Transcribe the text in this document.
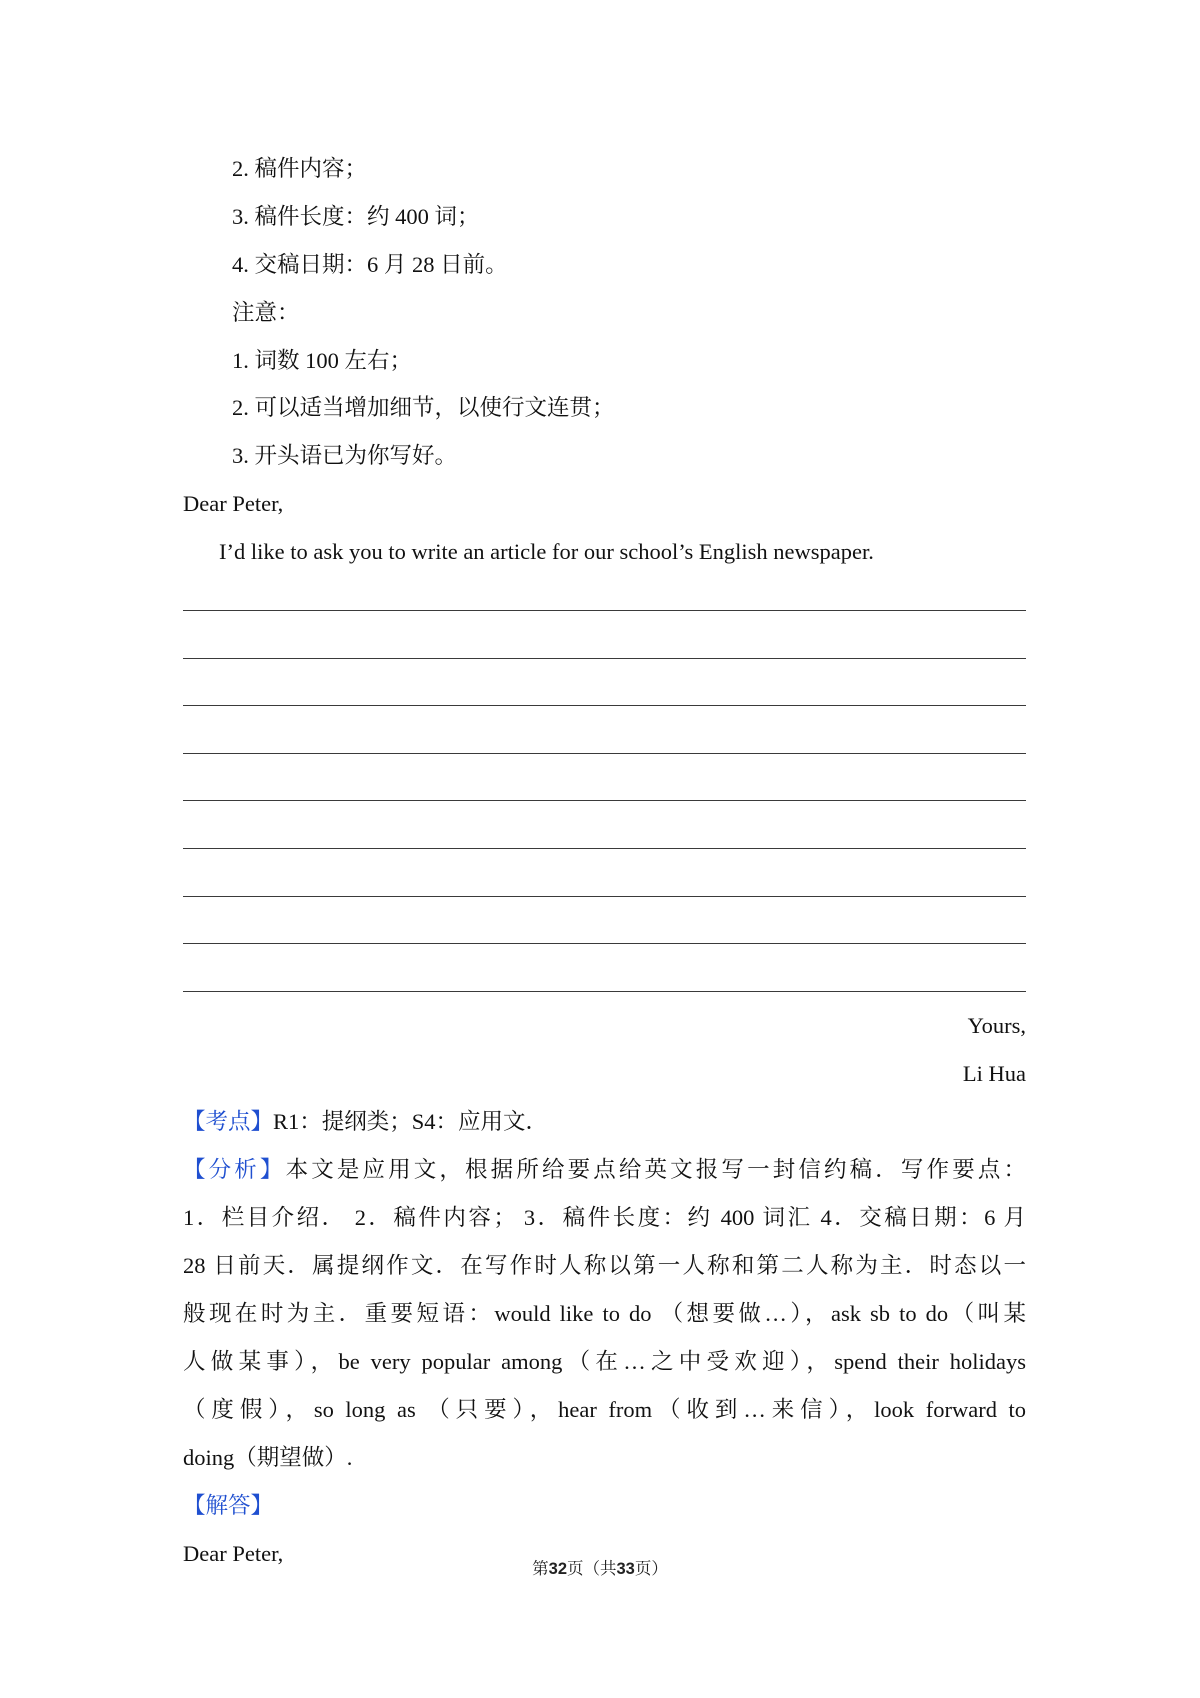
2. 稿件内容；
3. 稿件长度：约 400 词；
4. 交稿日期：6 月 28 日前。
注意：
1. 词数 100 左右；
2. 可以适当增加细节，以使行文连贯；
3. 开头语已为你写好。
Dear Peter,
I’d like to ask you to write an article for our school’s English newspaper.
Yours,
Li Hua
【考点】R1：提纲类；S4：应用文．
【分析】本文是应用文，根据所给要点给英文报写一封信约稿．写作要点：
1．栏目介绍． 2．稿件内容； 3．稿件长度：约 400 词汇 4．交稿日期：6 月
28 日前天．属提纲作文．在写作时人称以第一人称和第二人称为主．时态以一
般现在时为主．重要短语：would like to do （想要做…），ask sb to do（叫某
人做某事），be very popular among（在…之中受欢迎），spend their holidays
（度假），so long as （只要），hear from（收到…来信），look forward to
doing（期望做）.
【解答】
Dear Peter,
第32页（共33页）
